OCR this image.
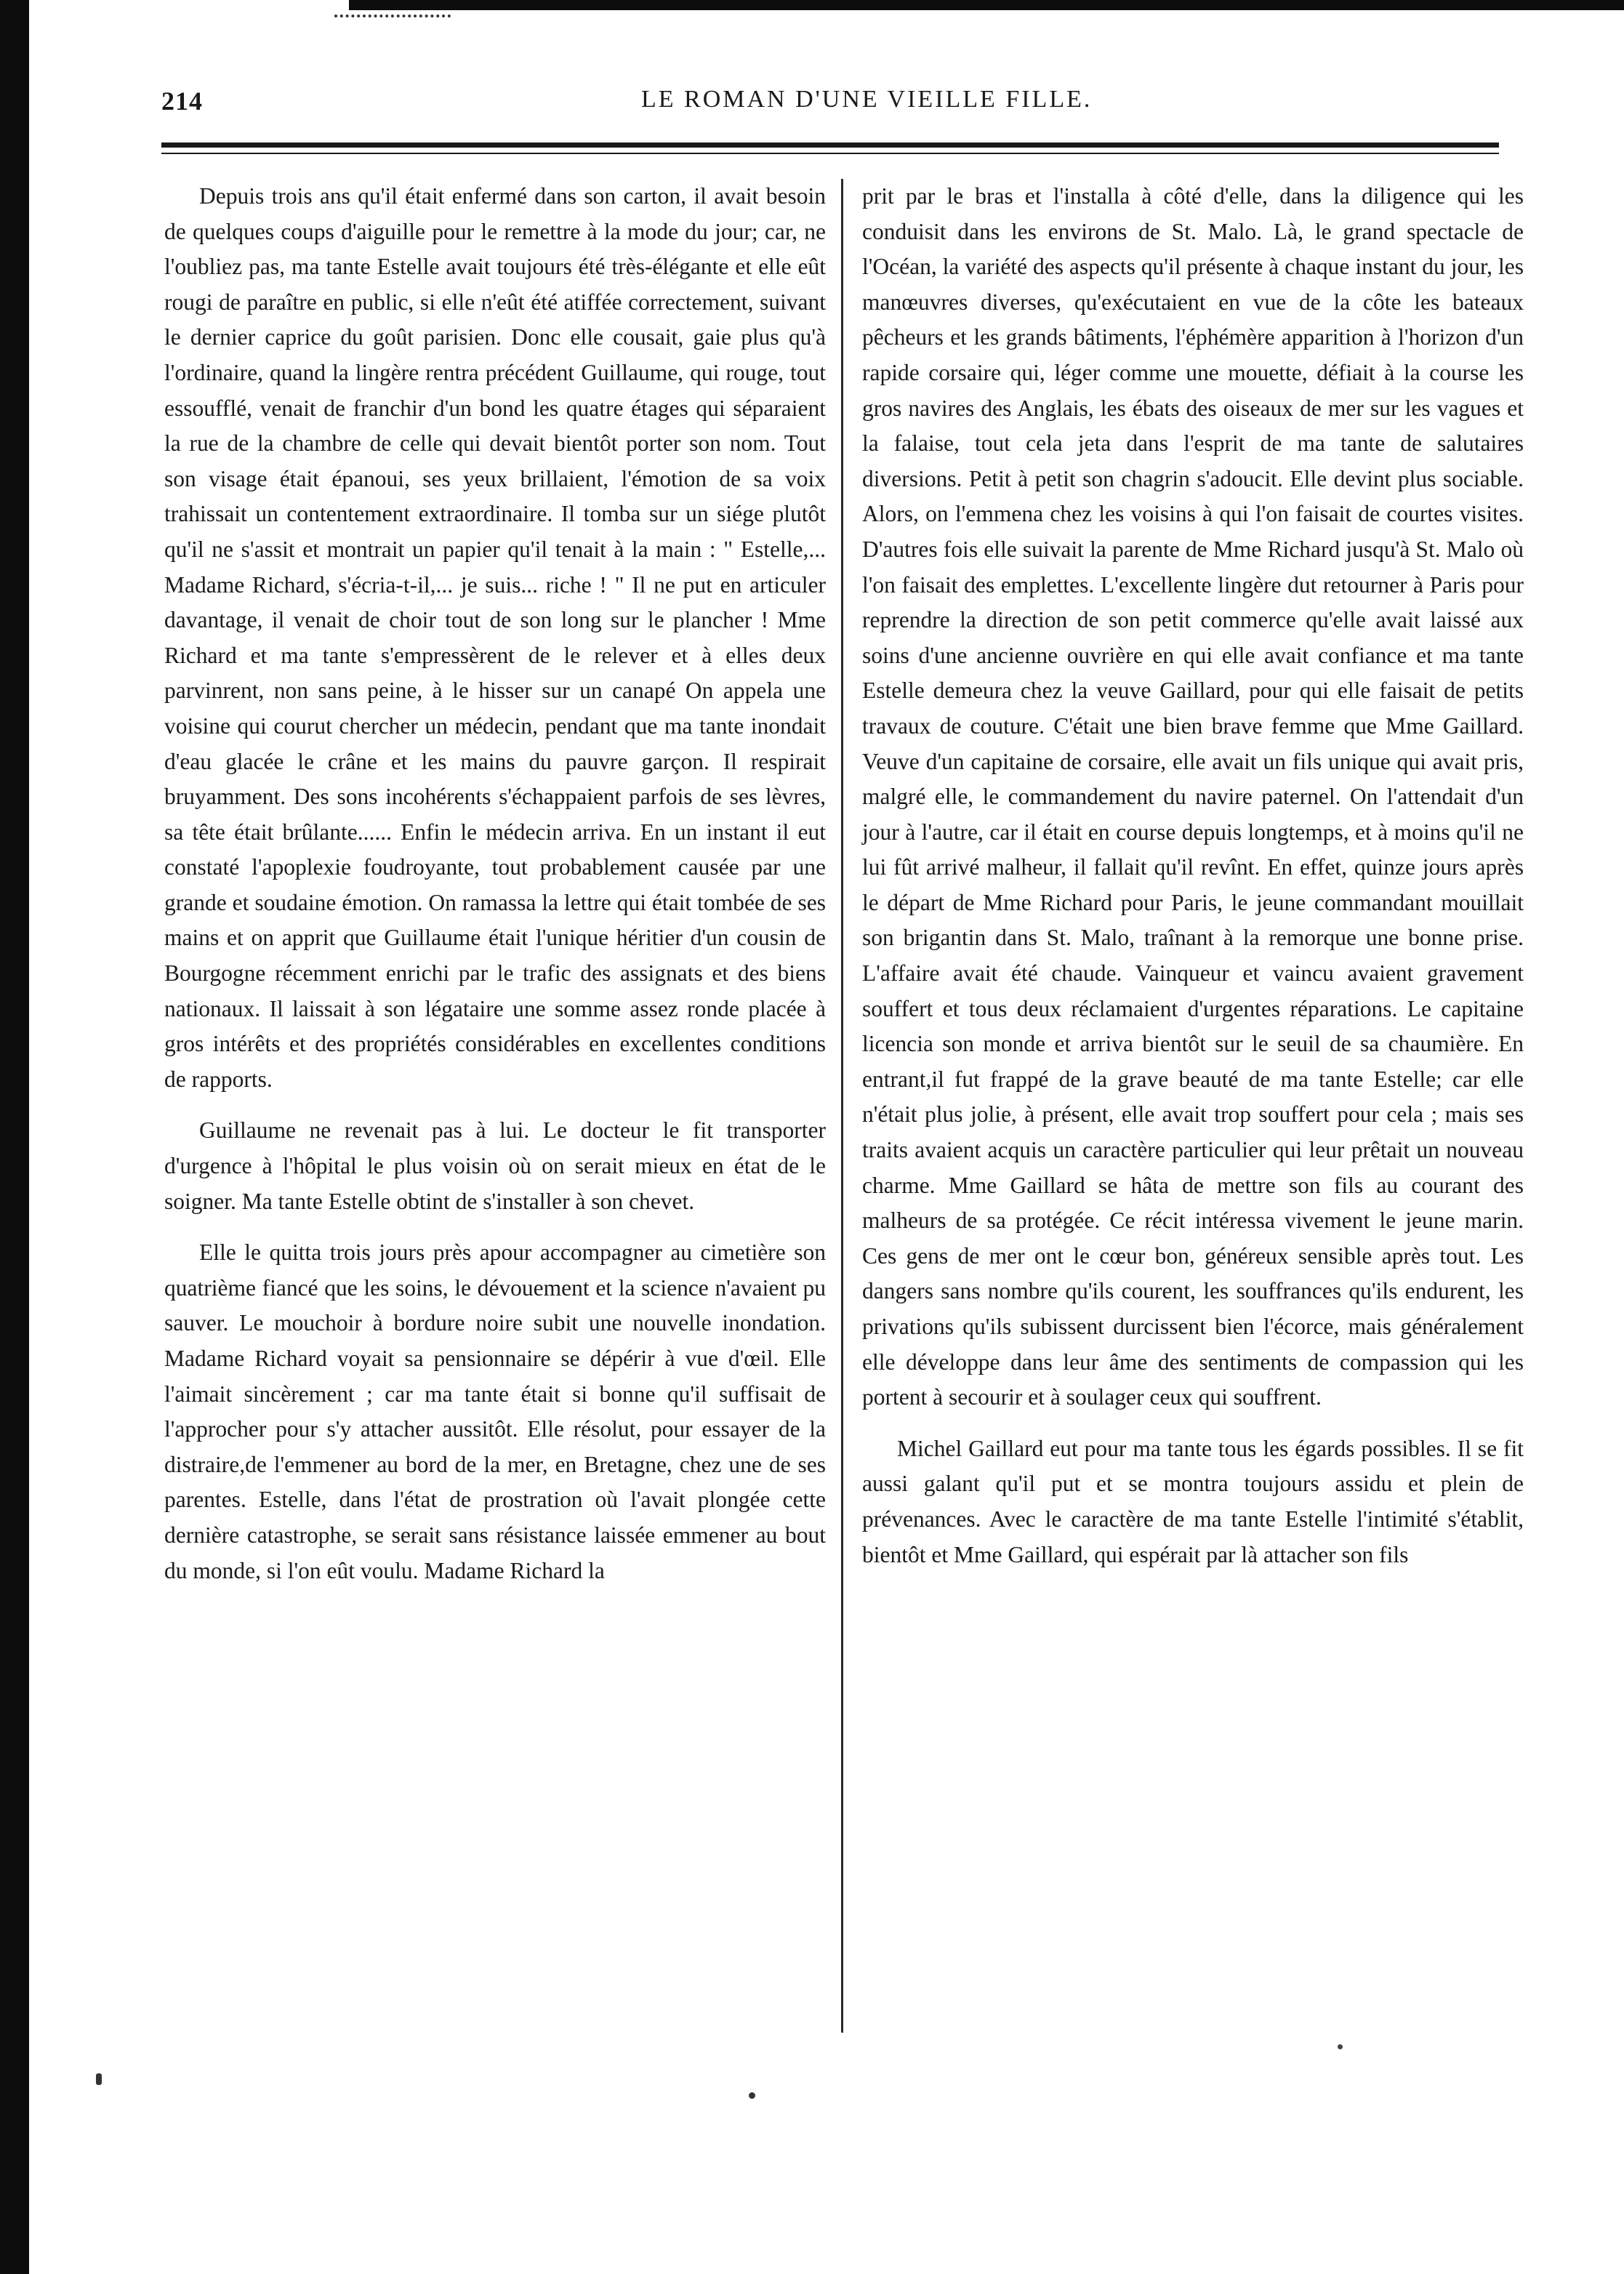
214	LE ROMAN D'UNE VIEILLE FILLE.

Depuis trois ans qu'il était enfermé dans son carton, il avait besoin de quelques coups d'aiguille pour le remettre à la mode du jour; car, ne l'oubliez pas, ma tante Estelle avait toujours été très-élégante et elle eût rougi de paraître en public, si elle n'eût été atiffée correctement, suivant le dernier caprice du goût parisien. Donc elle cousait, gaie plus qu'à l'ordinaire, quand la lingère rentra précédent Guillaume, qui rouge, tout essoufflé, venait de franchir d'un bond les quatre étages qui séparaient la rue de la chambre de celle qui devait bientôt porter son nom. Tout son visage était épanoui, ses yeux brillaient, l'émotion de sa voix trahissait un contentement extraordinaire. Il tomba sur un siége plutôt qu'il ne s'assit et montrait un papier qu'il tenait à la main : " Estelle,... Madame Richard, s'écria-t-il,... je suis... riche ! " Il ne put en articuler davantage, il venait de choir tout de son long sur le plancher ! Mme Richard et ma tante s'empressèrent de le relever et à elles deux parvinrent, non sans peine, à le hisser sur un canapé On appela une voisine qui courut chercher un médecin, pendant que ma tante inondait d'eau glacée le crâne et les mains du pauvre garçon. Il respirait bruyamment. Des sons incohérents s'échappaient parfois de ses lèvres, sa tête était brûlante...... Enfin le médecin arriva. En un instant il eut constaté l'apoplexie foudroyante, tout probablement causée par une grande et soudaine émotion. On ramassa la lettre qui était tombée de ses mains et on apprit que Guillaume était l'unique héritier d'un cousin de Bourgogne récemment enrichi par le trafic des assignats et des biens nationaux. Il laissait à son légataire une somme assez ronde placée à gros intérêts et des propriétés considérables en excellentes conditions de rapports.

Guillaume ne revenait pas à lui. Le docteur le fit transporter d'urgence à l'hôpital le plus voisin où on serait mieux en état de le soigner. Ma tante Estelle obtint de s'installer à son chevet.

Elle le quitta trois jours près apour accompagner au cimetière son quatrième fiancé que les soins, le dévouement et la science n'avaient pu sauver. Le mouchoir à bordure noire subit une nouvelle inondation. Madame Richard voyait sa pensionnaire se dépérir à vue d'œil. Elle l'aimait sincèrement ; car ma tante était si bonne qu'il suffisait de l'approcher pour s'y attacher aussitôt. Elle résolut, pour essayer de la distraire,de l'emmener au bord de la mer, en Bretagne, chez une de ses parentes. Estelle, dans l'état de prostration où l'avait plongée cette dernière catastrophe, se serait sans résistance laissée emmener au bout du monde, si l'on eût voulu. Madame Richard la

prit par le bras et l'installa à côté d'elle, dans la diligence qui les conduisit dans les environs de St. Malo. Là, le grand spectacle de l'Océan, la variété des aspects qu'il présente à chaque instant du jour, les manœuvres diverses, qu'exécutaient en vue de la côte les bateaux pêcheurs et les grands bâtiments, l'éphémère apparition à l'horizon d'un rapide corsaire qui, léger comme une mouette, défiait à la course les gros navires des Anglais, les ébats des oiseaux de mer sur les vagues et la falaise, tout cela jeta dans l'esprit de ma tante de salutaires diversions. Petit à petit son chagrin s'adoucit. Elle devint plus sociable. Alors, on l'emmena chez les voisins à qui l'on faisait de courtes visites. D'autres fois elle suivait la parente de Mme Richard jusqu'à St. Malo où l'on faisait des emplettes. L'excellente lingère dut retourner à Paris pour reprendre la direction de son petit commerce qu'elle avait laissé aux soins d'une ancienne ouvrière en qui elle avait confiance et ma tante Estelle demeura chez la veuve Gaillard, pour qui elle faisait de petits travaux de couture. C'était une bien brave femme que Mme Gaillard. Veuve d'un capitaine de corsaire, elle avait un fils unique qui avait pris, malgré elle, le commandement du navire paternel. On l'attendait d'un jour à l'autre, car il était en course depuis longtemps, et à moins qu'il ne lui fût arrivé malheur, il fallait qu'il revînt. En effet, quinze jours après le départ de Mme Richard pour Paris, le jeune commandant mouillait son brigantin dans St. Malo, traînant à la remorque une bonne prise. L'affaire avait été chaude. Vainqueur et vaincu avaient gravement souffert et tous deux réclamaient d'urgentes réparations. Le capitaine licencia son monde et arriva bientôt sur le seuil de sa chaumière. En entrant,il fut frappé de la grave beauté de ma tante Estelle; car elle n'était plus jolie, à présent, elle avait trop souffert pour cela ; mais ses traits avaient acquis un caractère particulier qui leur prêtait un nouveau charme. Mme Gaillard se hâta de mettre son fils au courant des malheurs de sa protégée. Ce récit intéressa vivement le jeune marin. Ces gens de mer ont le cœur bon, généreux sensible après tout. Les dangers sans nombre qu'ils courent, les souffrances qu'ils endurent, les privations qu'ils subissent durcissent bien l'écorce, mais généralement elle développe dans leur âme des sentiments de compassion qui les portent à secourir et à soulager ceux qui souffrent.

Michel Gaillard eut pour ma tante tous les égards possibles. Il se fit aussi galant qu'il put et se montra toujours assidu et plein de prévenances. Avec le caractère de ma tante Estelle l'intimité s'établit, bientôt et Mme Gaillard, qui espérait par là attacher son fils
